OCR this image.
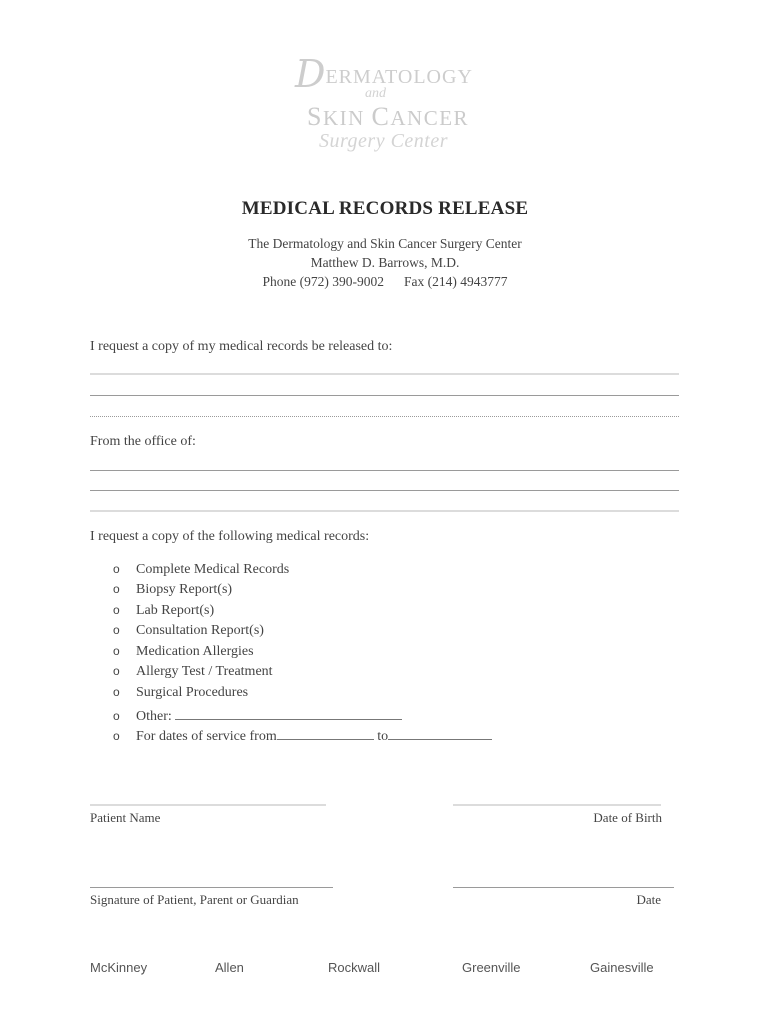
DERMATOLOGY
and
SKIN CANCER
Surgery Center
MEDICAL RECORDS RELEASE
The Dermatology and Skin Cancer Surgery Center
Matthew D. Barrows, M.D.
Phone (972) 390-9002 Fax (214) 4943777
I request a copy of my medical records be released to:
From the office of:
I request a copy of the following medical records:
o Complete Medical Records
o Biopsy Report(s)
o Lab Report(s)
o Consultation Report(s)
o Medication Allergies
o Allergy Test / Treatment
o Surgical Procedures
o Other:
o For dates of service from	to
Patient Name	Date of Birth
Signature of Patient, Parent or Guardian	Date
McKinney	Allen	Rockwall	Greenville	Gainesville
